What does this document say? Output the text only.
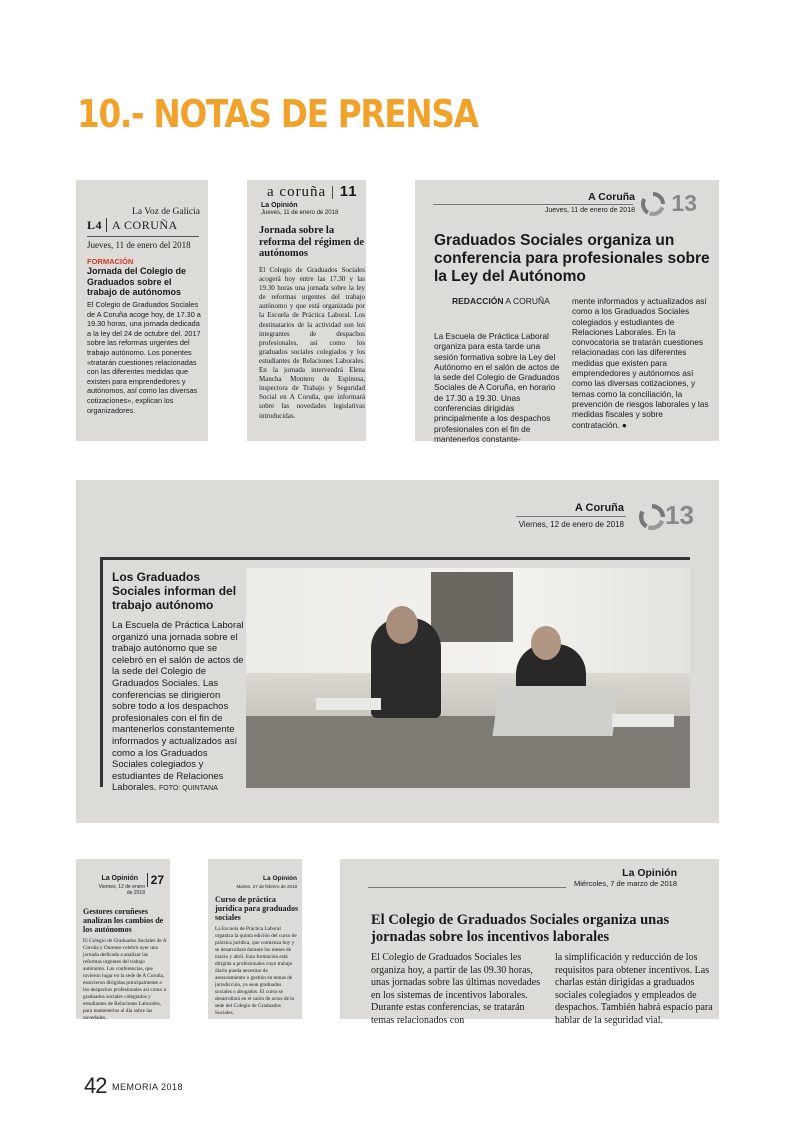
10.- NOTAS DE PRENSA
La Voz de Galicia
L4 A CORUÑA
Jueves, 11 de enero del 2018
FORMACIÓN
Jornada del Colegio de Graduados sobre el trabajo de autónomos
El Colegio de Graduados Sociales de A Coruña acoge hoy, de 17.30 a 19.30 horas, una jornada dedicada a la ley del 24 de octubre del. 2017 sobre las reformas urgentes del trabajo autónomo. Los ponentes «tratarán cuestiones relacionadas con las diferentes medidas que existen para emprendedores y autónomos, así como las diversas cotizaciones», explican los organizadores.
a coruña | 11
La Opinión
Jueves, 11 de enero de 2018
Jornada sobre la reforma del régimen de autónomos
El Colegio de Graduados Sociales acogerá hoy entre las 17.30 y las 19.30 horas una jornada sobre la ley de reformas urgentes del trabajo autónomo y que está organizada por la Escuela de Práctica Laboral. Los destinatarios de la actividad son los integrantes de despachos profesionales, así como los graduados sociales colegiados y los estudiantes de Relaciones Laborales. En la jornada intervendrá Elena Mancha Montero de Espinosa, inspectora de Trabajo y Seguridad Social en A Coruña, que informará sobre las novedades legislativas introducidas.
A Coruña
Jueves, 11 de enero de 2018 13
Graduados Sociales organiza un conferencia para profesionales sobre la Ley del Autónomo
REDACCIÓN A CORUÑA
La Escuela de Práctica Laboral organiza para esta tarde una sesión formativa sobre la Ley del Autónomo en el salón de actos de la sede del Colegio de Graduados Sociales de A Coruña, en horario de 17.30 a 19.30. Unas conferencias dirigidas principalmente a los despachos profesionales con el fin de mantenerlos constante-
mente informados y actualizados así como a los Graduados Sociales colegiados y estudiantes de Relaciones Laborales. En la convocatoria se tratarán cuestiones relacionadas con las diferentes medidas que existen para emprendedores y autónomos así como las diversas cotizaciones, y temas como la conciliación, la prevención de riesgos laborales y las medidas fiscales y sobre contratación. ●
A Coruña
Viernes, 12 de enero de 2018 13
Los Graduados Sociales informan del trabajo autónomo
La Escuela de Práctica Laboral organizó una jornada sobre el trabajo autónomo que se celebró en el salón de actos de la sede del Colegio de Graduados Sociales. Las conferencias se dirigieron sobre todo a los despachos profesionales con el fin de mantenerlos constantemente informados y actualizados así como a los Graduados Sociales colegiados y estudiantes de Relaciones Laborales. FOTO: QUINTANA
La Opinión	27
Viernes, 12 de enero de 2018
Gestores coruñeses analizan los cambios de los autónomos
El Colegio de Graduados Sociales de A Coruña y Ourense celebró ayer una jornada dedicada a analizar las reformas urgentes del trabajo autónomo. Las conferencias, que tuvieron lugar en la sede de A Coruña, estuvieron dirigidas principalmente a los despachos profesionales así como a graduados sociales colegiados y estudiantes de Relaciones Laborales, para mantenerlos al día sobre las novedades.
La Opinión
Martes, 27 de febrero de 2018
Curso de práctica jurídica para graduados sociales
La Escuela de Práctica Laboral organiza la quinta edición del curso de práctica jurídica, que comienza hoy y se desarrollará durante los meses de marzo y abril. Esta formación está dirigida a profesionales cuyo trabajo diario pueda necesitar de asesoramiento o gestión en temas de jurisdicción, ya sean graduados sociales o abogados. El curso se desarrollará en el salón de actos de la sede del Colegio de Graduados Sociales.
La Opinión
Miércoles, 7 de marzo de 2018
El Colegio de Graduados Sociales organiza unas jornadas sobre los incentivos laborales
El Colegio de Graduados Sociales les organiza hoy, a partir de las 09.30 horas, unas jornadas sobre las últimas novedades en los sistemas de incentivos laborales. Durante estas conferencias, se tratarán temas relacionados con
la simplificación y reducción de los requisitos para obtener incentivos. Las charlas están dirigidas a graduados sociales colegiados y empleados de despachos. También habrá espacio para hablar de la seguridad vial.
42 MEMORIA 2018
